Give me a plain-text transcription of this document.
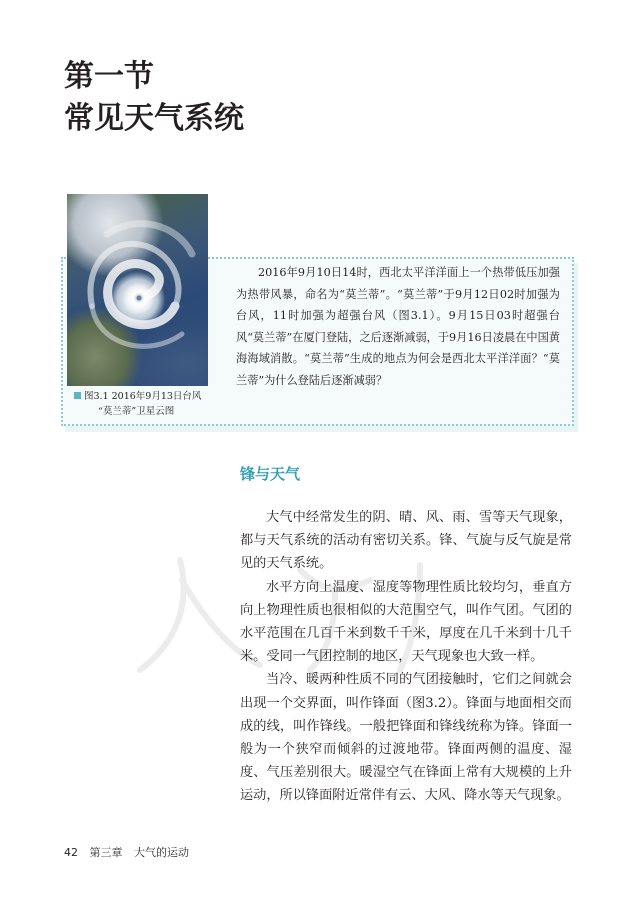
第一节
常见天气系统
图3.1 2016年9月13日台风
“莫兰蒂”卫星云图

2016年9月10日14时，西北太平洋洋面上一个热带低压加强为热带风暴，命名为“莫兰蒂”。“莫兰蒂”于9月12日02时加强为台风，11时加强为超强台风（图3.1）。9月15日03时超强台风“莫兰蒂”在厦门登陆，之后逐渐减弱，于9月16日凌晨在中国黄海海域消散。“莫兰蒂”生成的地点为何会是西北太平洋洋面？“莫兰蒂”为什么登陆后逐渐减弱？

锋与天气

大气中经常发生的阴、晴、风、雨、雪等天气现象，都与天气系统的活动有密切关系。锋、气旋与反气旋是常见的天气系统。

水平方向上温度、湿度等物理性质比较均匀，垂直方向上物理性质也很相似的大范围空气，叫作气团。气团的水平范围在几百千米到数千千米，厚度在几千米到十几千米。受同一气团控制的地区，天气现象也大致一样。

当冷、暖两种性质不同的气团接触时，它们之间就会出现一个交界面，叫作锋面（图3.2）。锋面与地面相交而成的线，叫作锋线。一般把锋面和锋线统称为锋。锋面一般为一个狭窄而倾斜的过渡地带。锋面两侧的温度、湿度、气压差别很大。暖湿空气在锋面上常有大规模的上升运动，所以锋面附近常伴有云、大风、降水等天气现象。

42 第三章 大气的运动
